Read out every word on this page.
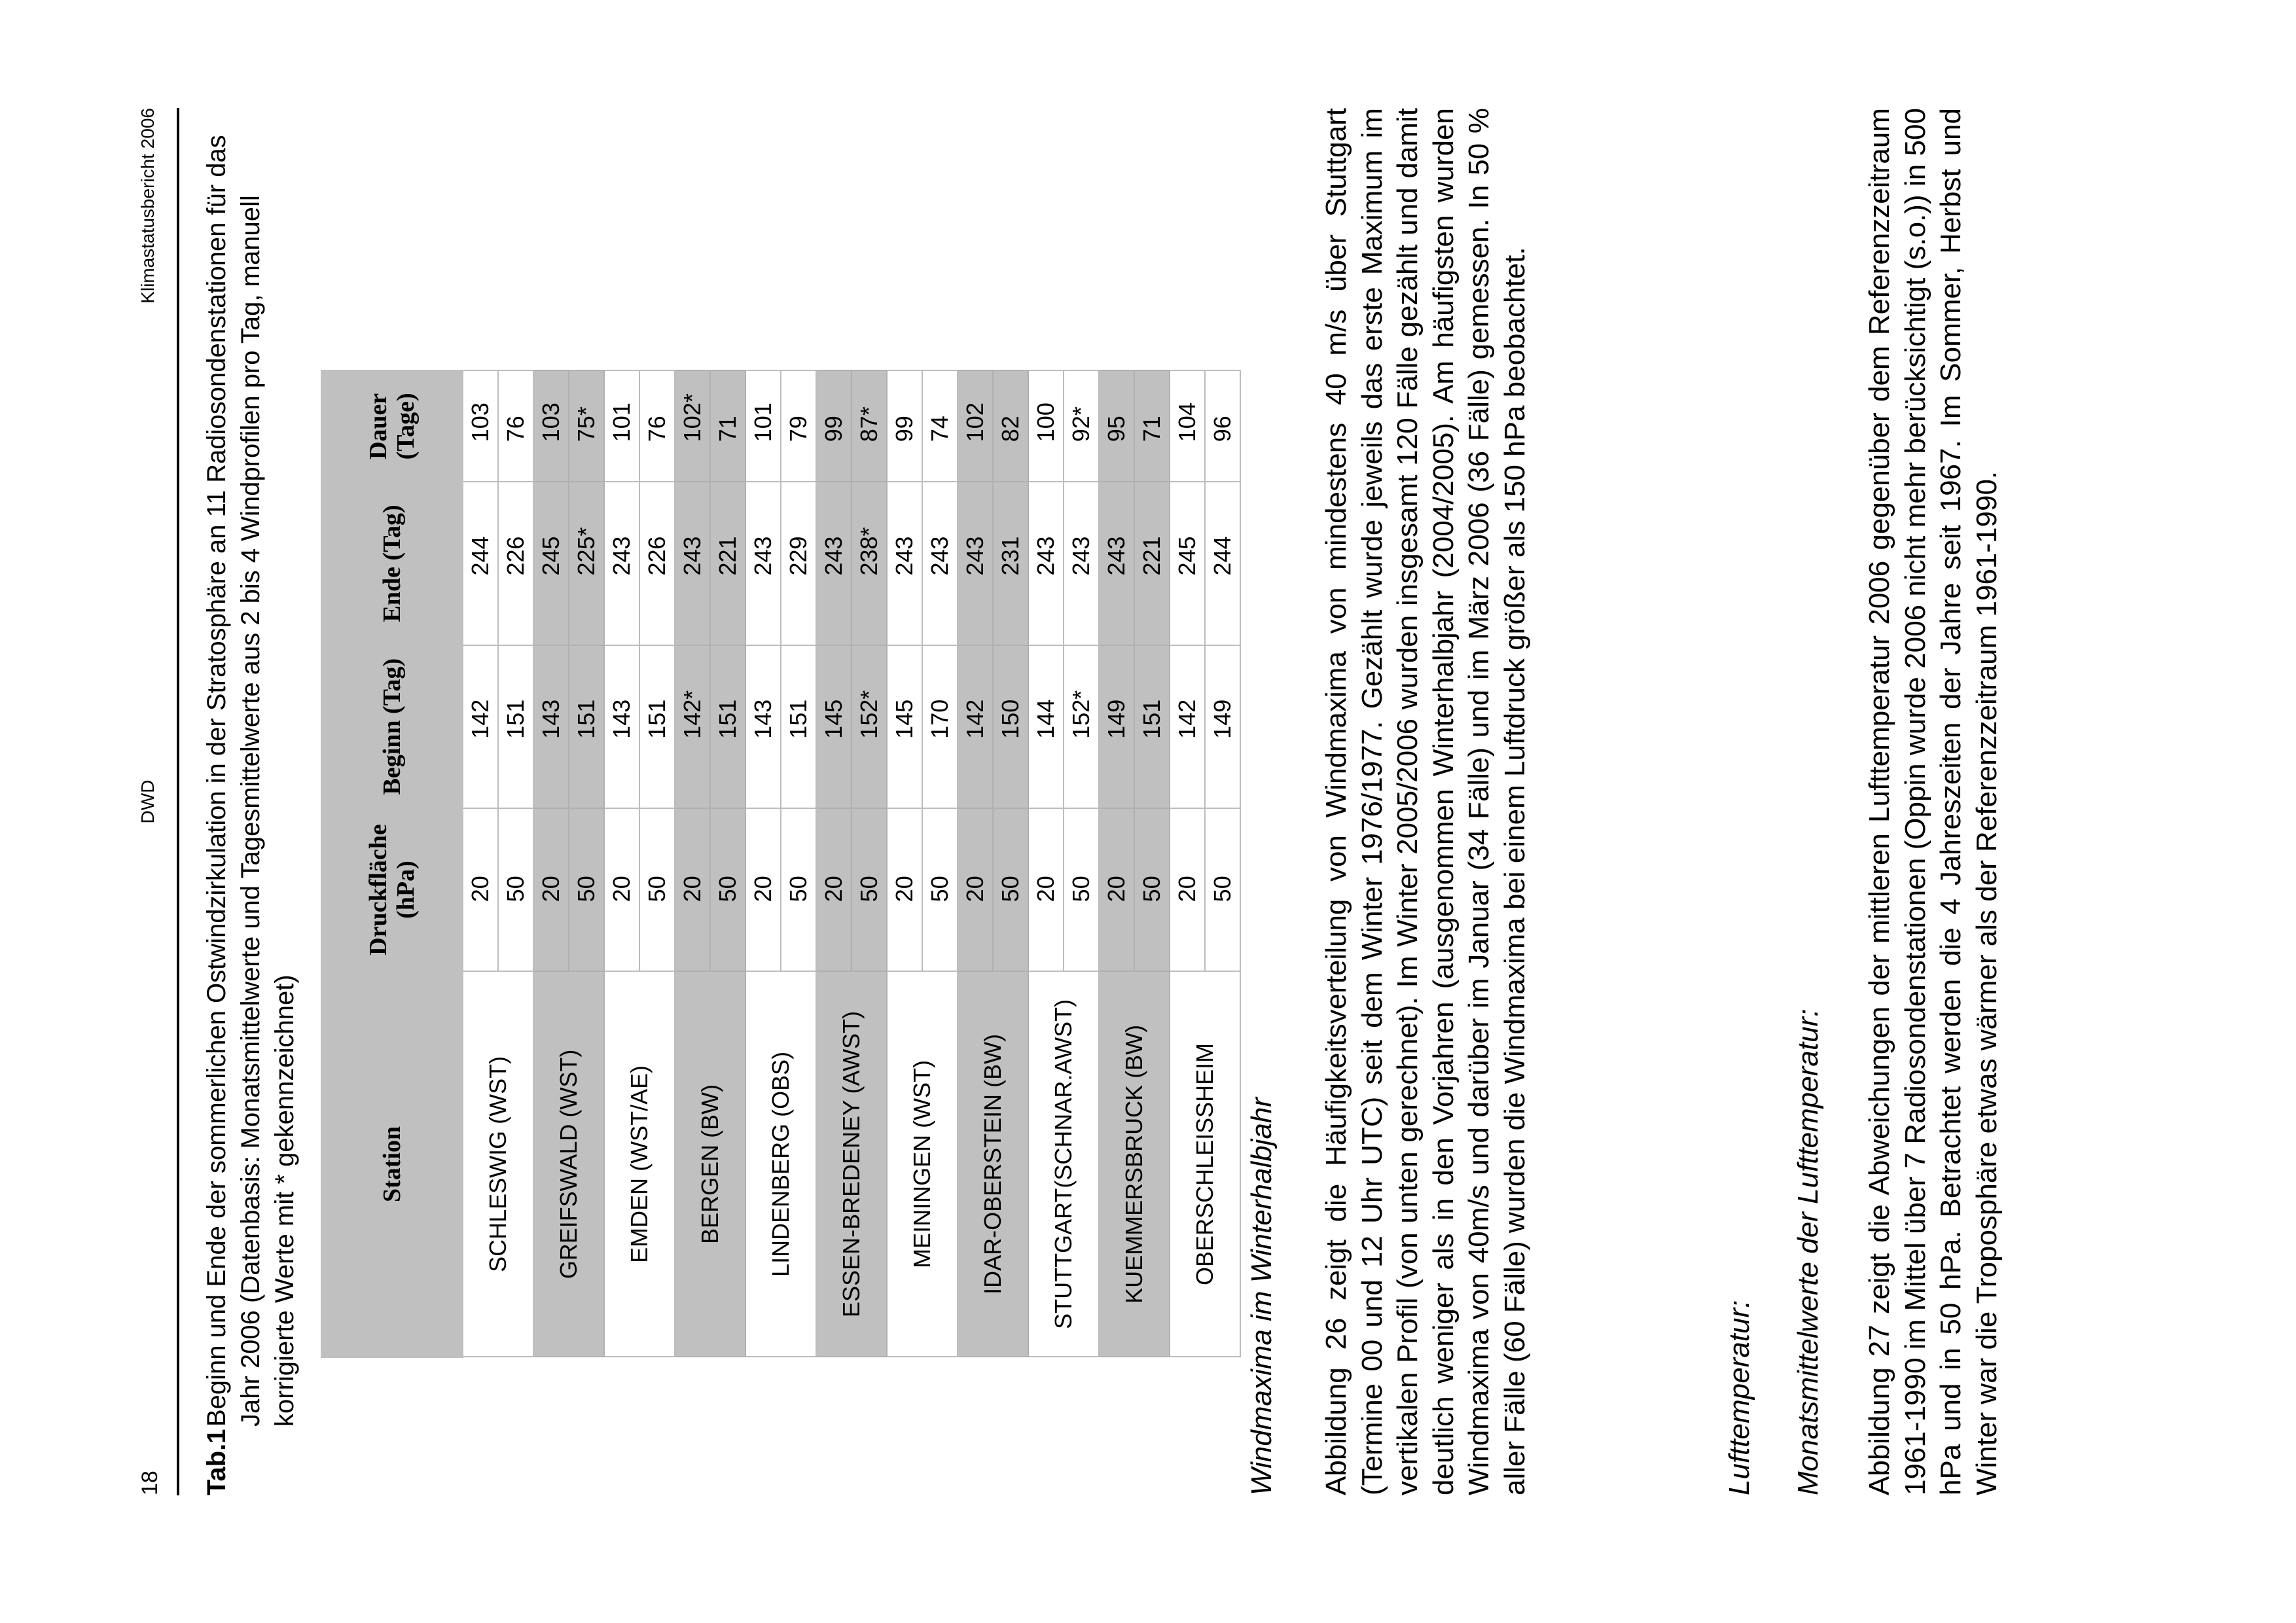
18
DWD
Klimastatusbericht 2006
Tab.1
Beginn und Ende der sommerlichen Ostwindzirkulation in der Stratosphäre an 11 Radiosondenstationen für das Jahr 2006 (Datenbasis: Monatsmittelwerte und Tagesmittelwerte aus 2 bis 4 Windprofilen pro Tag, manuell korrigierte Werte mit * gekennzeichnet)	Station	Druckfläche (hPa)	Beginn (Tag)	Ende (Tag)	Dauer (Tage)
SCHLESWIG (WST)	20	142	244	103
	50	151	226	76
GREIFSWALD (WST)	20	143	245	103
	50	151	225*	75*
EMDEN (WST/AE)	20	143	243	101
	50	151	226	76
BERGEN (BW)	20	142*	243	102*
	50	151	221	71
LINDENBERG (OBS)	20	143	243	101
	50	151	229	79
ESSEN-BREDENEY (AWST)	20	145	243	99
	50	152*	238*	87*
MEININGEN (WST)	20	145	243	99
	50	170	243	74
IDAR-OBERSTEIN (BW)	20	142	243	102
	50	150	231	82
STUTTGART(SCHNAR.AWST)	20	144	243	100
	50	152*	243	92*
KUEMMERSBRUCK (BW)	20	149	243	95
	50	151	221	71
OBERSCHLEISSHEIM	20	142	245	104
	50	149	244	96
Windmaxima im Winterhalbjahr Abbildung 26 zeigt die Häufigkeitsverteilung von Windmaxima von mindestens 40 m/s über Stuttgart (Termine 00 und 12 Uhr UTC) seit dem Winter 1976/1977. Gezählt wurde jeweils das erste Maximum im vertikalen Profil (von unten gerechnet). Im Winter 2005/2006 wurden insgesamt 120 Fälle gezählt und damit deutlich weniger als in den Vorjahren (ausgenommen Winterhalbjahr (2004/2005). Am häufigsten wurden Windmaxima von 40m/s und darüber im Januar (34 Fälle) und im März 2006 (36 Fälle) gemessen. In 50 % aller Fälle (60 Fälle) wurden die Windmaxima bei einem Luftdruck größer als 150 hPa beobachtet.	Lufttemperatur: Monatsmittelwerte der Lufttemperatur: Abbildung 27 zeigt die Abweichungen der mittleren Lufttemperatur 2006 gegenüber dem Referenzzeitraum 1961-1990 im Mittel über 7 Radiosondenstationen (Oppin wurde 2006 nicht mehr berücksichtigt (s.o.)) in 500 hPa und in 50 hPa. Betrachtet werden die 4 Jahreszeiten der Jahre seit 1967. Im Sommer, Herbst und Winter war die Troposphäre etwas wärmer als der Referenzzeitraum 1961-1990.
